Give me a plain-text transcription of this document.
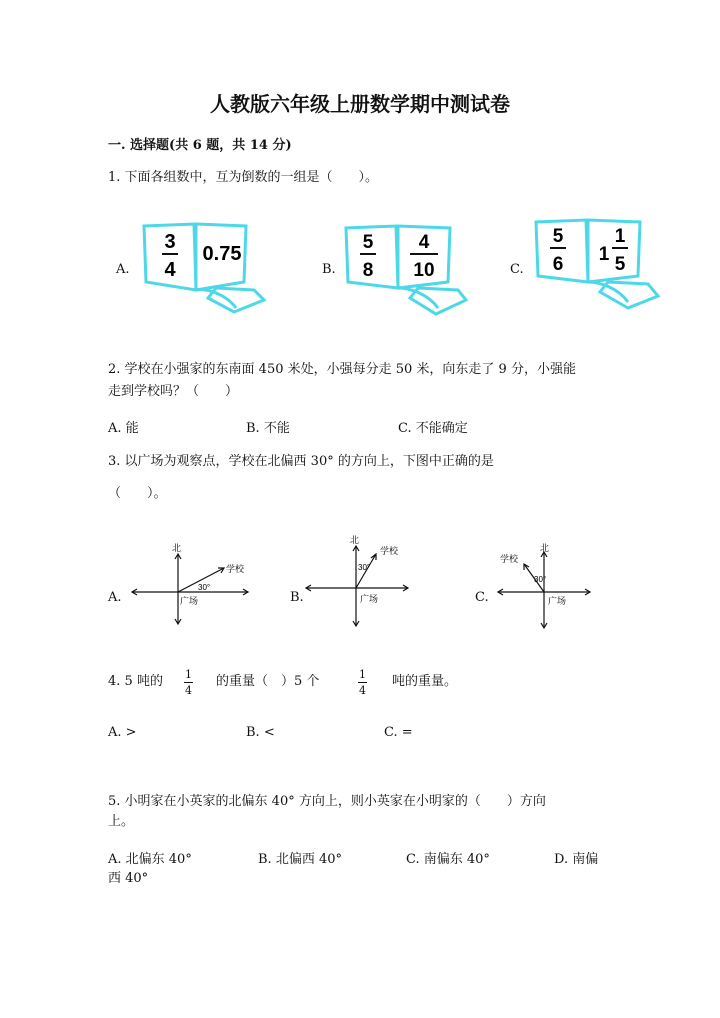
人教版六年级上册数学期中测试卷
一. 选择题(共 6 题，共 14 分)
1. 下面各组数中，互为倒数的一组是（　　）。
A.
3
4
0.75
B.
5
8
4
10	C.
5
6 1
1
5
2. 学校在小强家的东南面 450 米处，小强每分走 50 米，向东走了 9 分，小强能
走到学校吗？（　　）
A. 能	B. 不能	C. 不能确定
3. 以广场为观察点，学校在北偏西 30° 的方向上，下图中正确的是
（　　）。
A.
北
学校
广场
30°
B.
北
学校
广场
30°
C.
北
学校
广场
30°
4. 5 吨的 1
4
的重量（　）5 个	1
4
吨的重量。
A. >	B. <	C. =
5. 小明家在小英家的北偏东 40° 方向上，则小英家在小明家的（　　）方向
上。
A. 北偏东 40°	B. 北偏西 40°	C. 南偏东 40°	D. 南偏
西 40°
